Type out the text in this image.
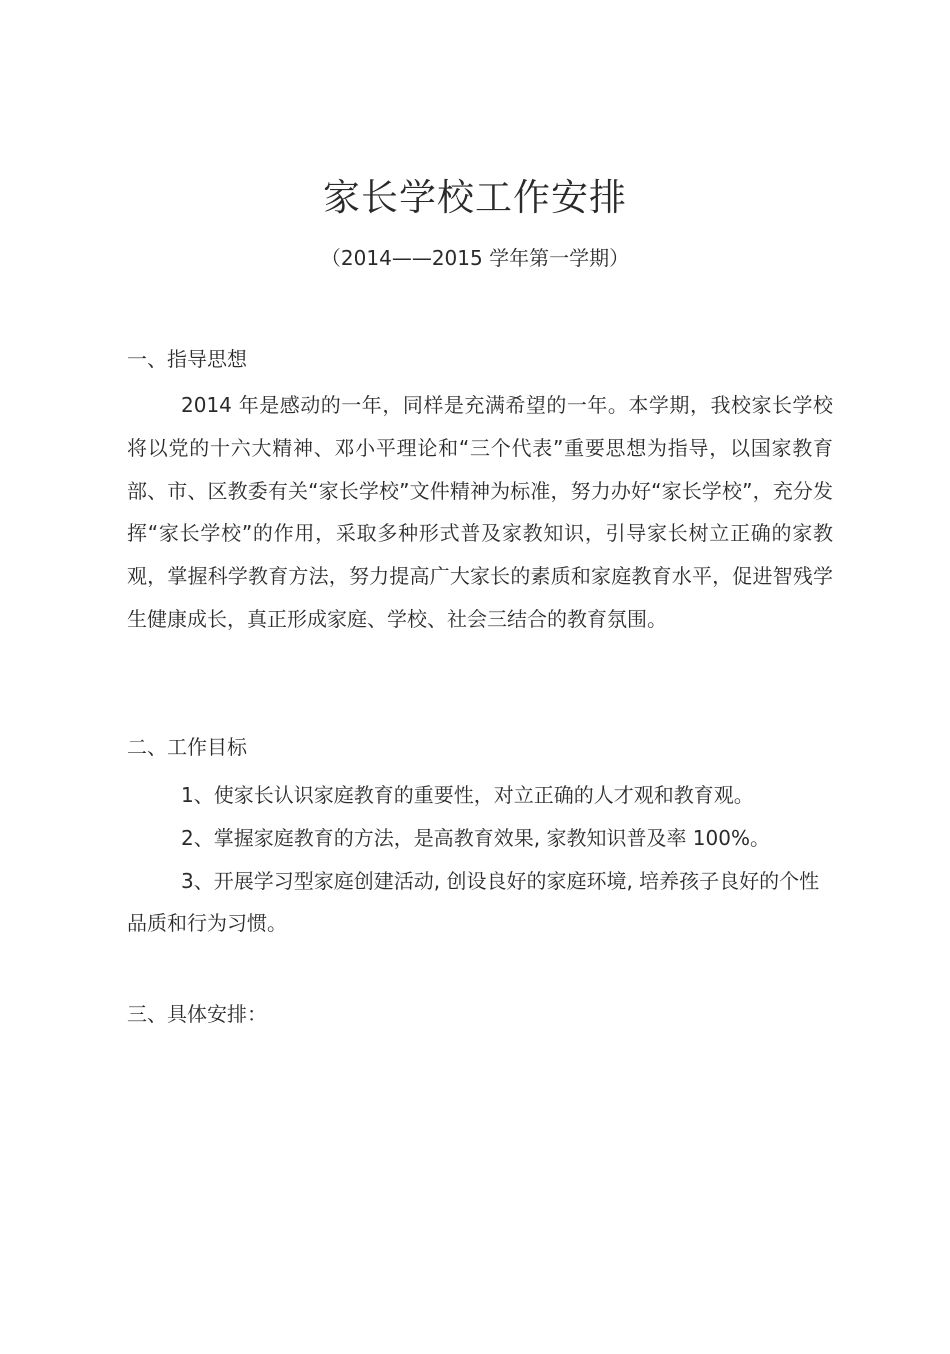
家长学校工作安排
（2014——2015 学年第一学期）
一、指导思想

2014 年是感动的一年，同样是充满希望的一年。本学期，我校家长学校将以党的十六大精神、邓小平理论和“三个代表”重要思想为指导，以国家教育部、市、区教委有关“家长学校”文件精神为标准，努力办好“家长学校”，充分发挥“家长学校”的作用，采取多种形式普及家教知识，引导家长树立正确的家教观，掌握科学教育方法，努力提高广大家长的素质和家庭教育水平，促进智残学生健康成长，真正形成家庭、学校、社会三结合的教育氛围。

二、工作目标

1、使家长认识家庭教育的重要性，对立正确的人才观和教育观。

2、掌握家庭教育的方法，是高教育效果, 家教知识普及率 100%。

3、开展学习型家庭创建活动, 创设良好的家庭环境, 培养孩子良好的个性品质和行为习惯。

三、具体安排：
